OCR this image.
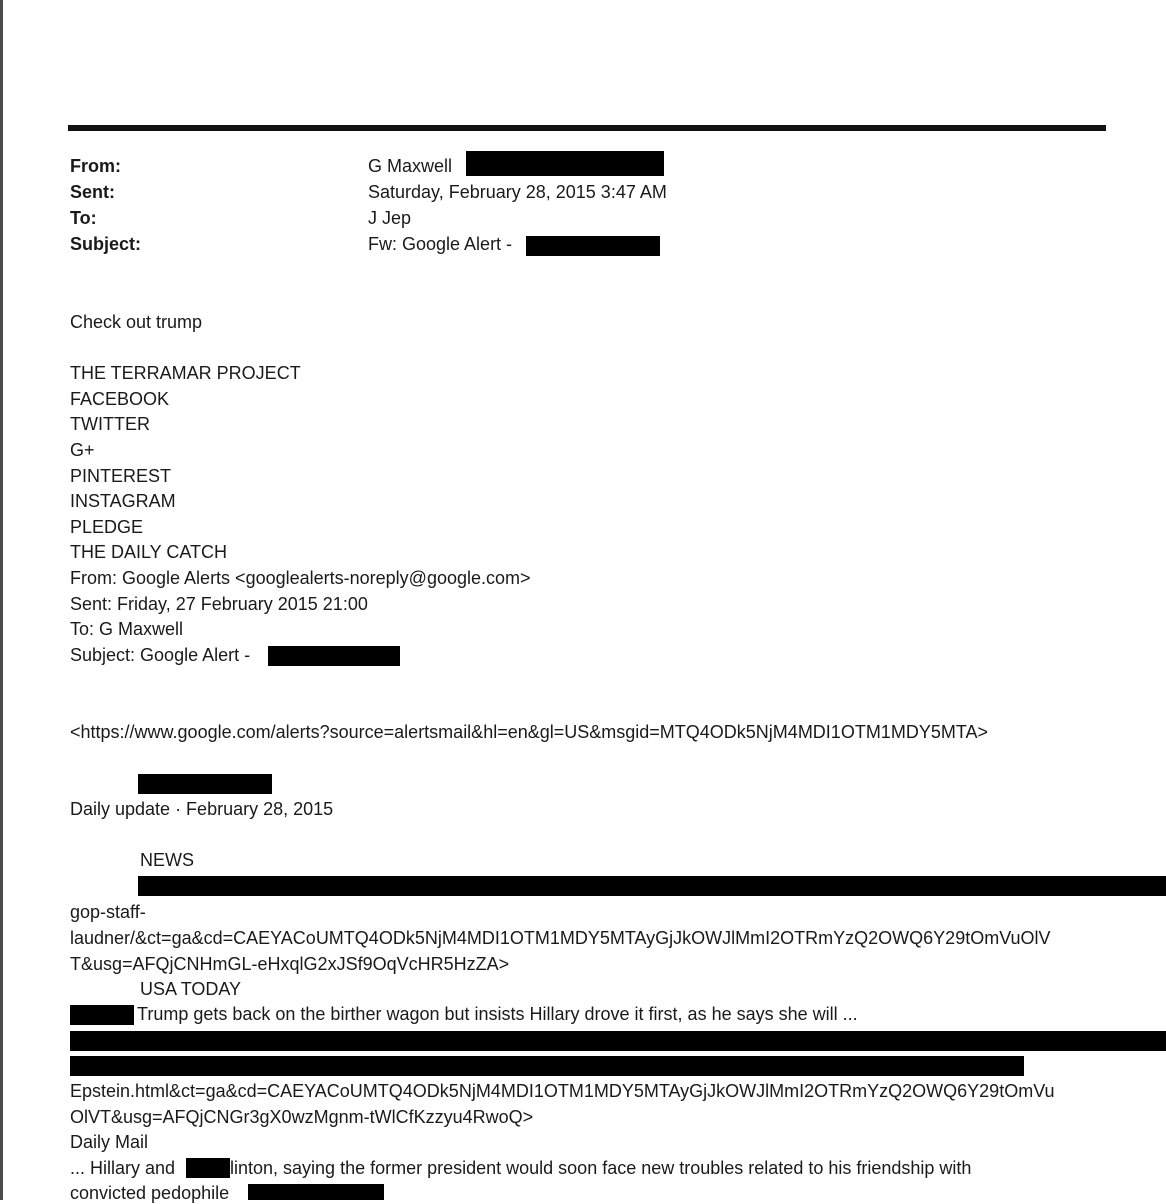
From:
Sent:
To:
Subject:
G Maxwell
Saturday, February 28, 2015 3:47 AM
J Jep
Fw: Google Alert -
Check out trump
THE TERRAMAR PROJECT
FACEBOOK
TWITTER
G+
PINTEREST
INSTAGRAM
PLEDGE
THE DAILY CATCH
From: Google Alerts <googlealerts-noreply@google.com>
Sent: Friday, 27 February 2015 21:00
To: G Maxwell
Subject: Google Alert -
<https://www.google.com/alerts?source=alertsmail&hl=en&gl=US&msgid=MTQ4ODk5NjM4MDI1OTM1MDY5MTA>
Daily update · February 28, 2015
NEWS
gop-staff-
laudner/&ct=ga&cd=CAEYACoUMTQ4ODk5NjM4MDI1OTM1MDY5MTAyGjJkOWJlMmI2OTRmYzQ2OWQ6Y29tOmVuOlV
T&usg=AFQjCNHmGL-eHxqlG2xJSf9OqVcHR5HzZA>
USA TODAY
Trump gets back on the birther wagon but insists Hillary drove it first, as he says she will ...
Epstein.html&ct=ga&cd=CAEYACoUMTQ4ODk5NjM4MDI1OTM1MDY5MTAyGjJkOWJlMmI2OTRmYzQ2OWQ6Y29tOmVu
OlVT&usg=AFQjCNGr3gX0wzMgnm-tWlCfKzzyu4RwoQ>
Daily Mail
... Hillary and	linton, saying the former president would soon face new troubles related to his friendship with
convicted pedophile
